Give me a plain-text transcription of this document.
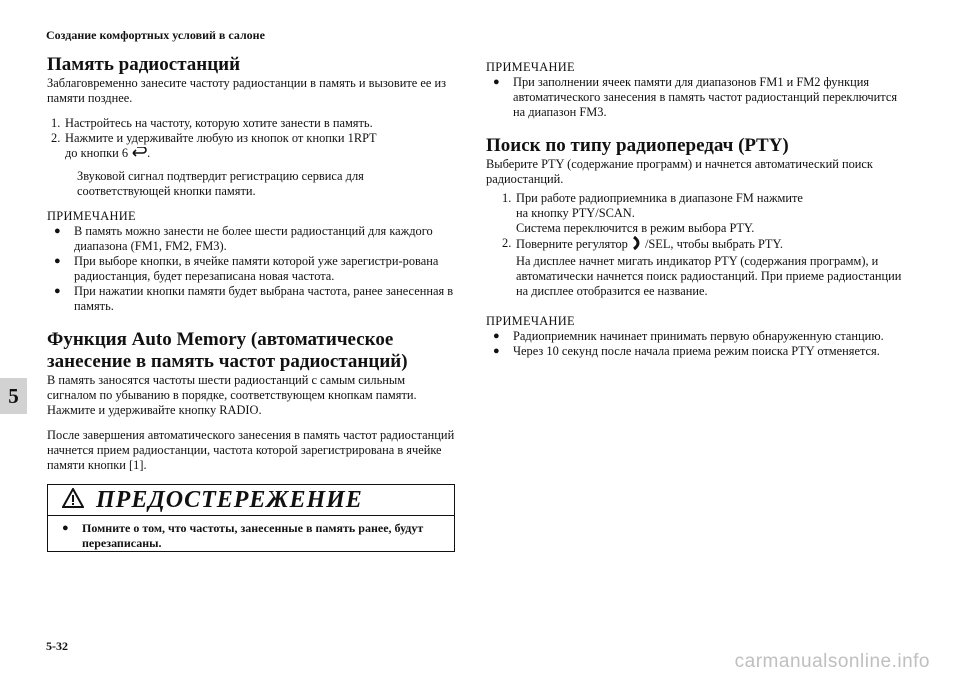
Создание комфортных условий в салоне
5
Память радиостанций

Заблаговременно занесите частоту радиостанции в память и вызовите ее из памяти позднее.

1. Настройтесь на частоту, которую хотите занести в память.
2. Нажмите и удерживайте любую из кнопок от кнопки 1RPT
до кнопки 6 .

Звуковой сигнал подтвердит регистрацию сервиса для соответствующей кнопки памяти.

ПРИМЕЧАНИЕ
●	В память можно занести не более шести радиостанций для каждого диапазона (FM1, FM2, FM3).
●	При выборе кнопки, в ячейке памяти которой уже зарегистри-рована радиостанция, будет перезаписана новая частота.
●	При нажатии кнопки памяти будет выбрана частота, ранее занесенная в память.
Функция Auto Memory (автоматическое
занесение в память частот радиостанций)

В память заносятся частоты шести радиостанций с самым сильным сигналом по убыванию в порядке, соответствующем кнопкам памяти. Нажмите и удерживайте кнопку RADIO.

После завершения автоматического занесения в память частот радиостанций начнется прием радиостанции, частота которой зарегистрирована в ячейке памяти кнопки [1].

ПРЕДОСТЕРЕЖЕНИЕ
●	Помните о том, что частоты, занесенные в память ранее, будут перезаписаны.
ПРИМЕЧАНИЕ
●	При заполнении ячеек памяти для диапазонов FM1 и FM2 функция автоматического занесения в память частот радиостанций переключится на диапазон FM3.
Поиск по типу радиопередач (PTY)

Выберите PTY (содержание программ) и начнется автоматический поиск радиостанций.

1. При работе радиоприемника в диапазоне FM нажмите
на кнопку PTY/SCAN.
Система переключится в режим выбора PTY.
2. Поверните регулятор /SEL, чтобы выбрать PTY.
На дисплее начнет мигать индикатор PTY (содержания программ), и автоматически начнется поиск радиостанций. При приеме радиостанции на дисплее отобразится ее название.
ПРИМЕЧАНИЕ
●	Радиоприемник начинает принимать первую обнаруженную станцию.
●	Через 10 секунд после начала приема режим поиска PTY отменяется.
5-32
carmanualsonline.info
